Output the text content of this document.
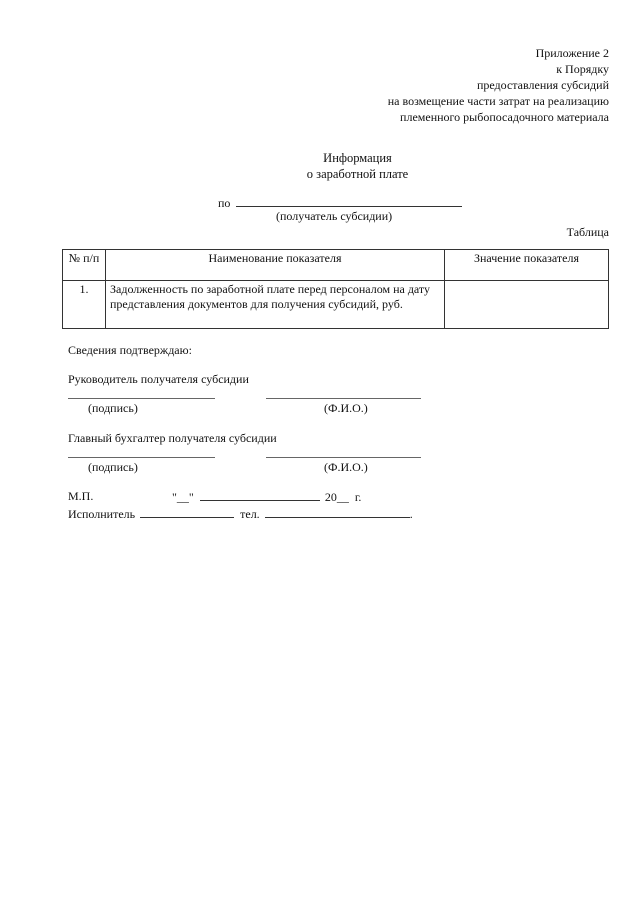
Приложение 2
к Порядку
предоставления субсидий
на возмещение части затрат на реализацию
племенного рыбопосадочного материала
Информация
о заработной плате
по
(получатель субсидии)
Таблица
№ п/п	Наименование показателя	Значение показателя
1.	Задолженность по заработной плате перед персоналом на дату представления документов для получения субсидий, руб.	
Сведения подтверждаю:
Руководитель получателя субсидии
(подпись)	(Ф.И.О.)
Главный бухгалтер получателя субсидии
(подпись)	(Ф.И.О.)
М.П.	"__"	20__ г.
Исполнитель	тел.	.
